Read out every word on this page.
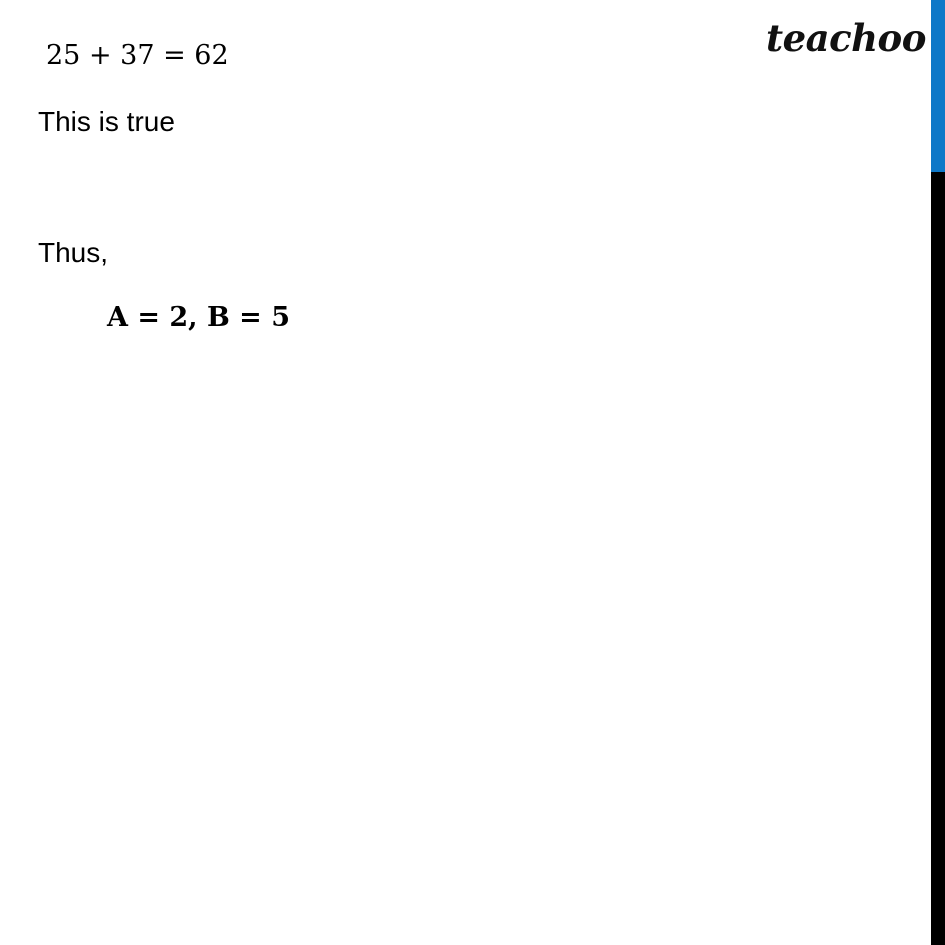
teachoo
25 + 37 = 62
This is true
Thus,
A = 2, B = 5
